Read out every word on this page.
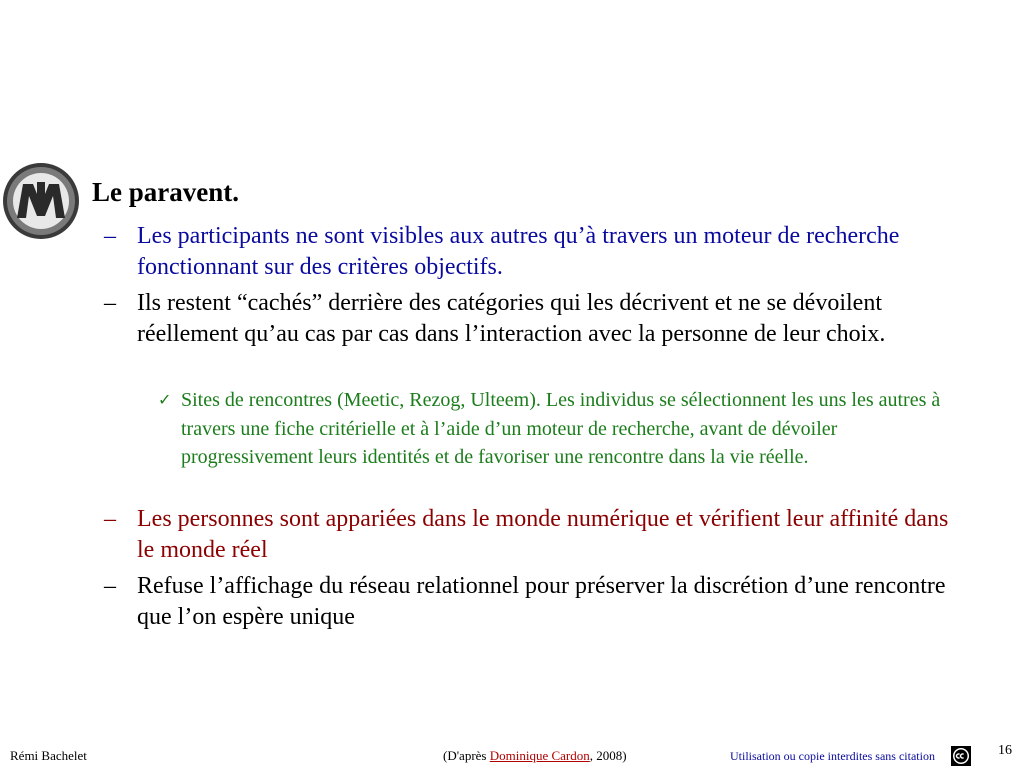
Le paravent.
– Les participants ne sont visibles aux autres qu’à travers un moteur de recherche fonctionnant sur des critères objectifs.
– Ils restent “cachés” derrière des catégories qui les décrivent et ne se dévoilent réellement qu’au cas par cas dans l’interaction avec la personne de leur choix.
✓ Sites de rencontres (Meetic, Rezog, Ulteem). Les individus se sélectionnent les uns les autres à travers une fiche critérielle et à l’aide d’un moteur de recherche, avant de dévoiler progressivement leurs identités et de favoriser une rencontre dans la vie réelle.
– Les personnes sont appariées dans le monde numérique et vérifient leur affinité dans le monde réel
– Refuse l’affichage du réseau relationnel pour préserver la discrétion d’une rencontre que l’on espère unique
Rémi Bachelet	(D'après Dominique Cardon, 2008)	Utilisation ou copie interdites sans citation	16
